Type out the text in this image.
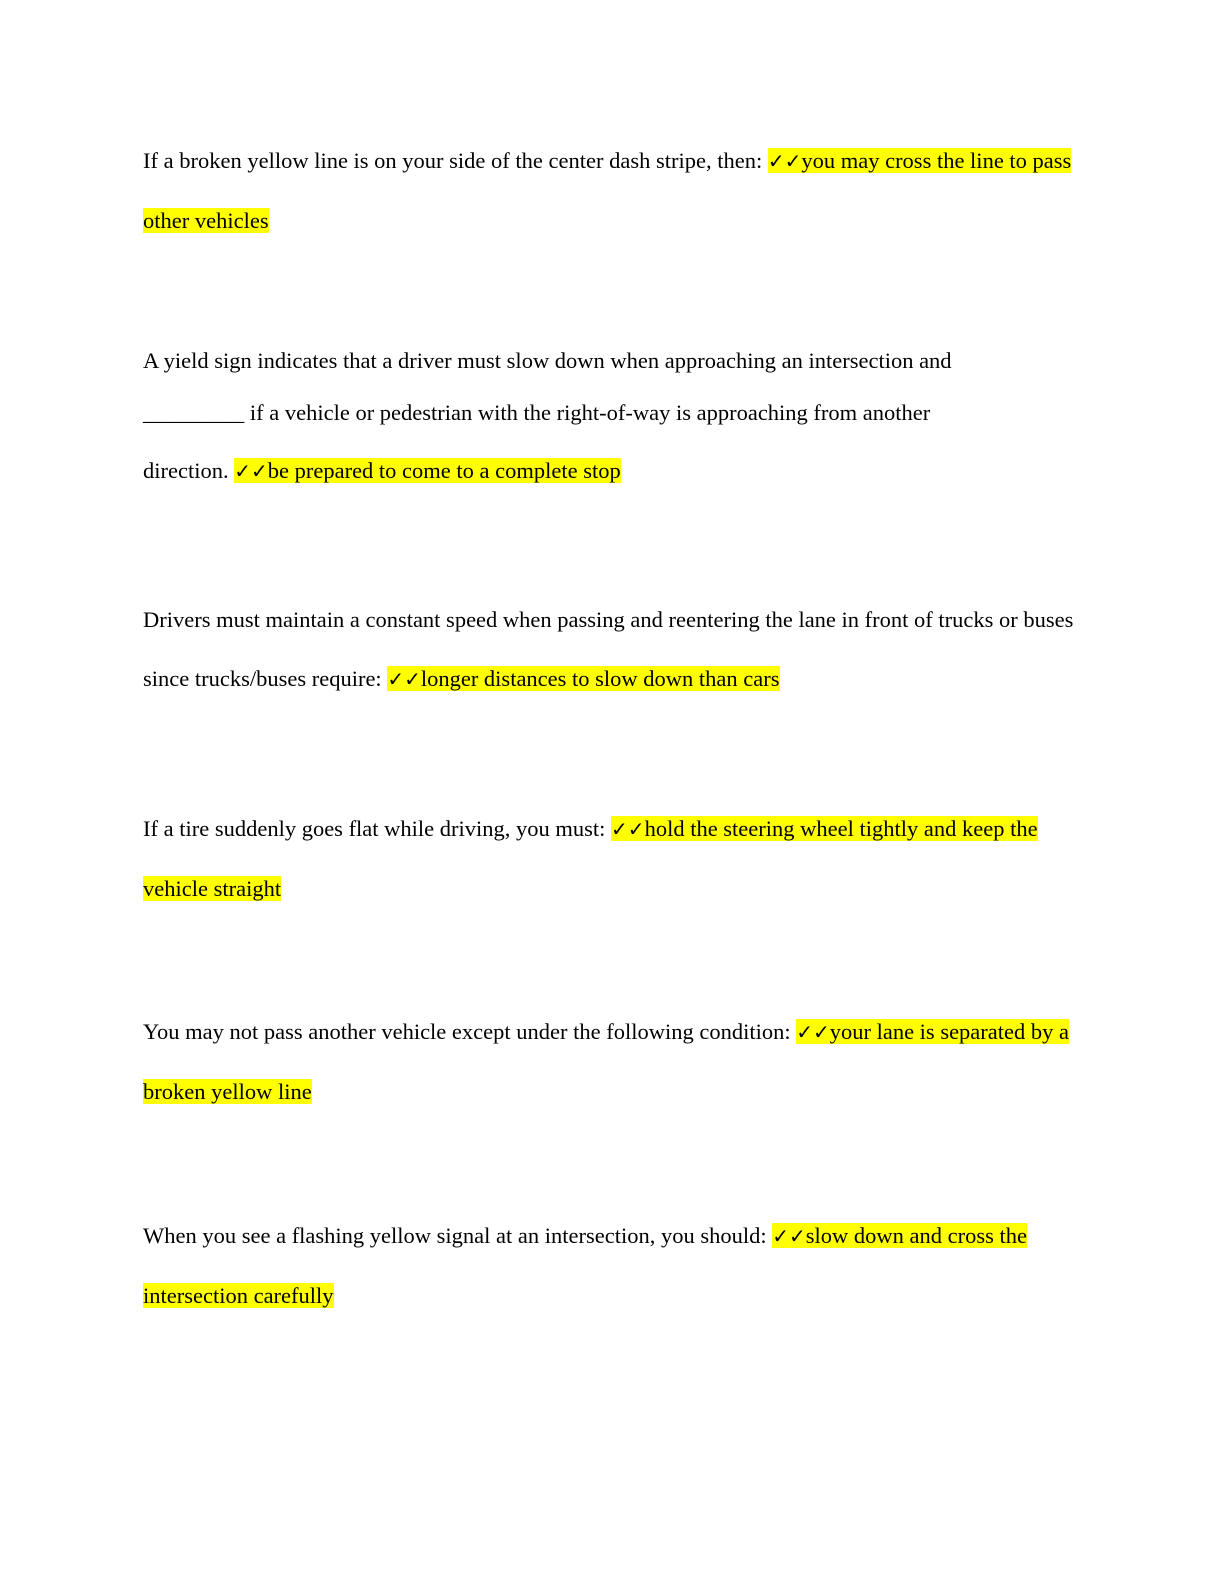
If a broken yellow line is on your side of the center dash stripe, then: ✓✓you may cross the line to pass other vehicles

A yield sign indicates that a driver must slow down when approaching an intersection and
_________ if a vehicle or pedestrian with the right-of-way is approaching from another
direction. ✓✓be prepared to come to a complete stop

Drivers must maintain a constant speed when passing and reentering the lane in front of trucks or buses since trucks/buses require: ✓✓longer distances to slow down than cars

If a tire suddenly goes flat while driving, you must: ✓✓hold the steering wheel tightly and keep the vehicle straight

You may not pass another vehicle except under the following condition: ✓✓your lane is separated by a broken yellow line

When you see a flashing yellow signal at an intersection, you should: ✓✓slow down and cross the intersection carefully
